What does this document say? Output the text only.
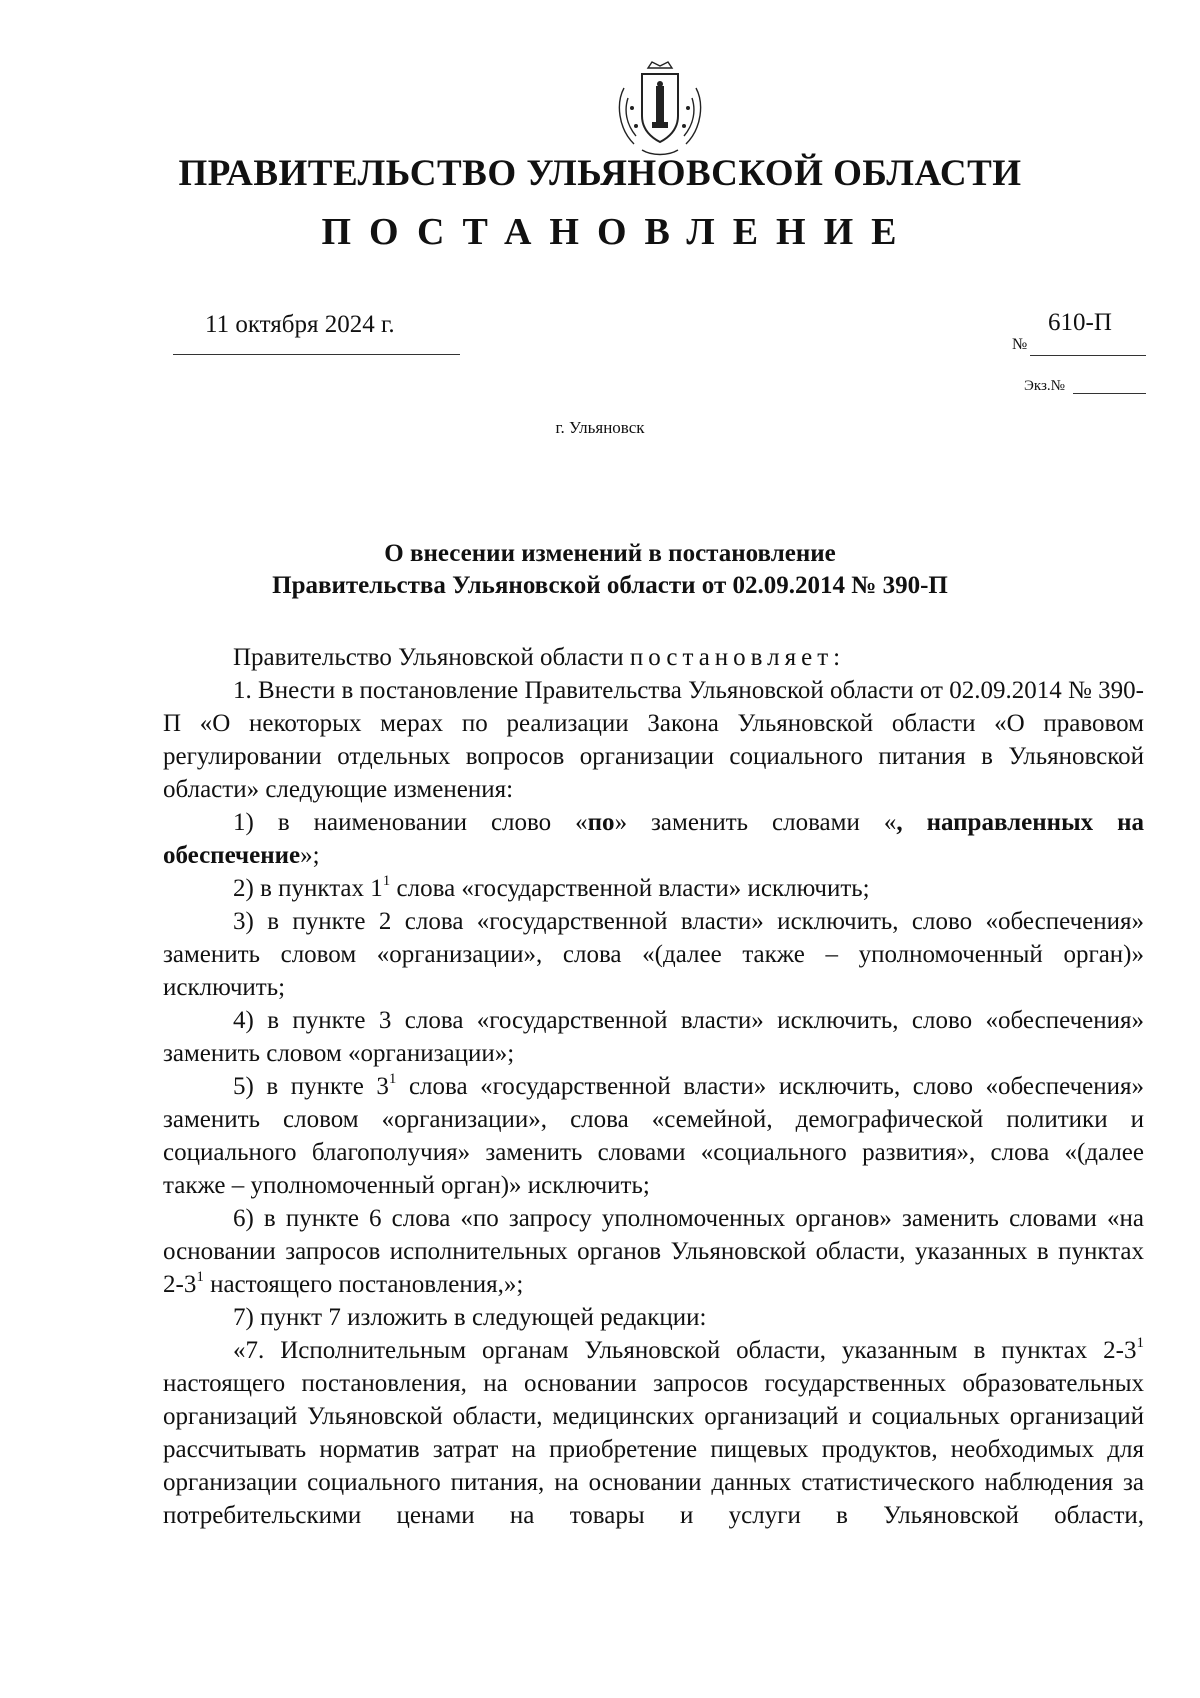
ПРАВИТЕЛЬСТВО УЛЬЯНОВСКОЙ ОБЛАСТИ
ПОСТАНОВЛЕНИЕ
11 октября 2024 г.
№
610-П
Экз.№
г. Ульяновск
О внесении изменений в постановление
Правительства Ульяновской области от 02.09.2014 № 390-П

Правительство Ульяновской области постановляет:

1. Внести в постановление Правительства Ульяновской области от 02.09.2014 № 390-П «О некоторых мерах по реализации Закона Ульяновской области «О правовом регулировании отдельных вопросов организации социального питания в Ульяновской области» следующие изменения:

1) в наименовании слово «по» заменить словами «, направленных на обеспечение»;

2) в пунктах $1^1$ слова «государственной власти» исключить;

3) в пункте 2 слова «государственной власти» исключить, слово «обеспечения» заменить словом «организации», слова «(далее также – уполномоченный орган)» исключить;

4) в пункте 3 слова «государственной власти» исключить, слово «обеспечения» заменить словом «организации»;

5) в пункте $3^1$ слова «государственной власти» исключить, слово «обеспечения» заменить словом «организации», слова «семейной, демографической политики и социального благополучия» заменить словами «социального развития», слова «(далее также – уполномоченный орган)» исключить;

6) в пункте 6 слова «по запросу уполномоченных органов» заменить словами «на основании запросов исполнительных органов Ульяновской области, указанных в пунктах $2-3^1$ настоящего постановления,»;

7) пункт 7 изложить в следующей редакции:

«7. Исполнительным органам Ульяновской области, указанным в пунктах $2-3^1$ настоящего постановления, на основании запросов государственных образовательных организаций Ульяновской области, медицинских организаций и социальных организаций рассчитывать норматив затрат на приобретение пищевых продуктов, необходимых для организации социального питания, на основании данных статистического наблюдения за потребительскими ценами на товары и услуги в Ульяновской области,
